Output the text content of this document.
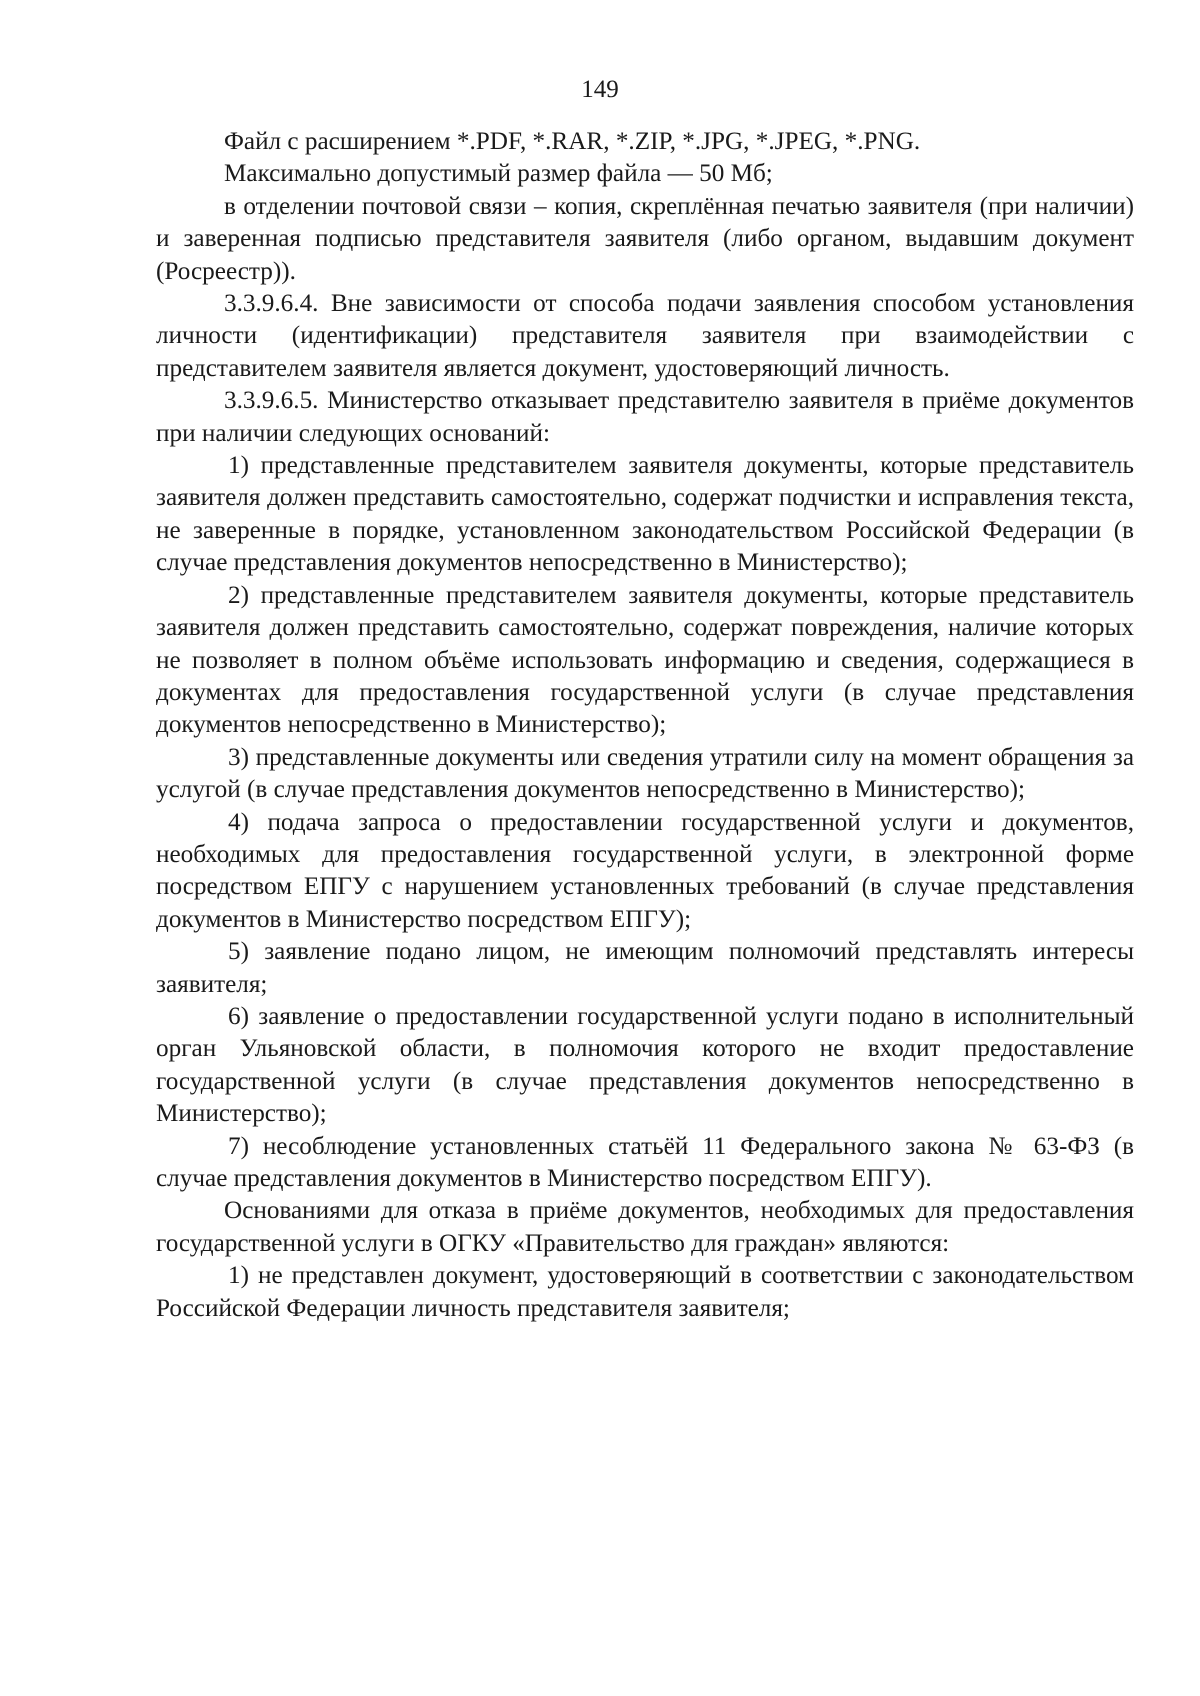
149

Файл с расширением *.PDF, *.RAR, *.ZIP, *.JPG, *.JPEG, *.PNG.

Максимально допустимый размер файла — 50 Мб;

в отделении почтовой связи – копия, скреплённая печатью заявителя (при наличии) и заверенная подписью представителя заявителя (либо органом, выдавшим документ (Росреестр)).

3.3.9.6.4. Вне зависимости от способа подачи заявления способом установления личности (идентификации) представителя заявителя при взаимодействии с представителем заявителя является документ, удостоверяющий личность.

3.3.9.6.5. Министерство отказывает представителю заявителя в приёме документов при наличии следующих оснований:

1) представленные представителем заявителя документы, которые представитель заявителя должен представить самостоятельно, содержат подчистки и исправления текста, не заверенные в порядке, установленном законодательством Российской Федерации (в случае представления документов непосредственно в Министерство);

2) представленные представителем заявителя документы, которые представитель заявителя должен представить самостоятельно, содержат повреждения, наличие которых не позволяет в полном объёме использовать информацию и сведения, содержащиеся в документах для предоставления государственной услуги (в случае представления документов непосредственно в Министерство);

3) представленные документы или сведения утратили силу на момент обращения за услугой (в случае представления документов непосредственно в Министерство);

4) подача запроса о предоставлении государственной услуги и документов, необходимых для предоставления государственной услуги, в электронной форме посредством ЕПГУ с нарушением установленных требований (в случае представления документов в Министерство посредством ЕПГУ);

5) заявление подано лицом, не имеющим полномочий представлять интересы заявителя;

6) заявление о предоставлении государственной услуги подано в исполнительный орган Ульяновской области, в полномочия которого не входит предоставление государственной услуги (в случае представления документов непосредственно в Министерство);

7) несоблюдение установленных статьёй 11 Федерального закона № 63-ФЗ (в случае представления документов в Министерство посредством ЕПГУ).

Основаниями для отказа в приёме документов, необходимых для предоставления государственной услуги в ОГКУ «Правительство для граждан» являются:

1) не представлен документ, удостоверяющий в соответствии с законодательством Российской Федерации личность представителя заявителя;
